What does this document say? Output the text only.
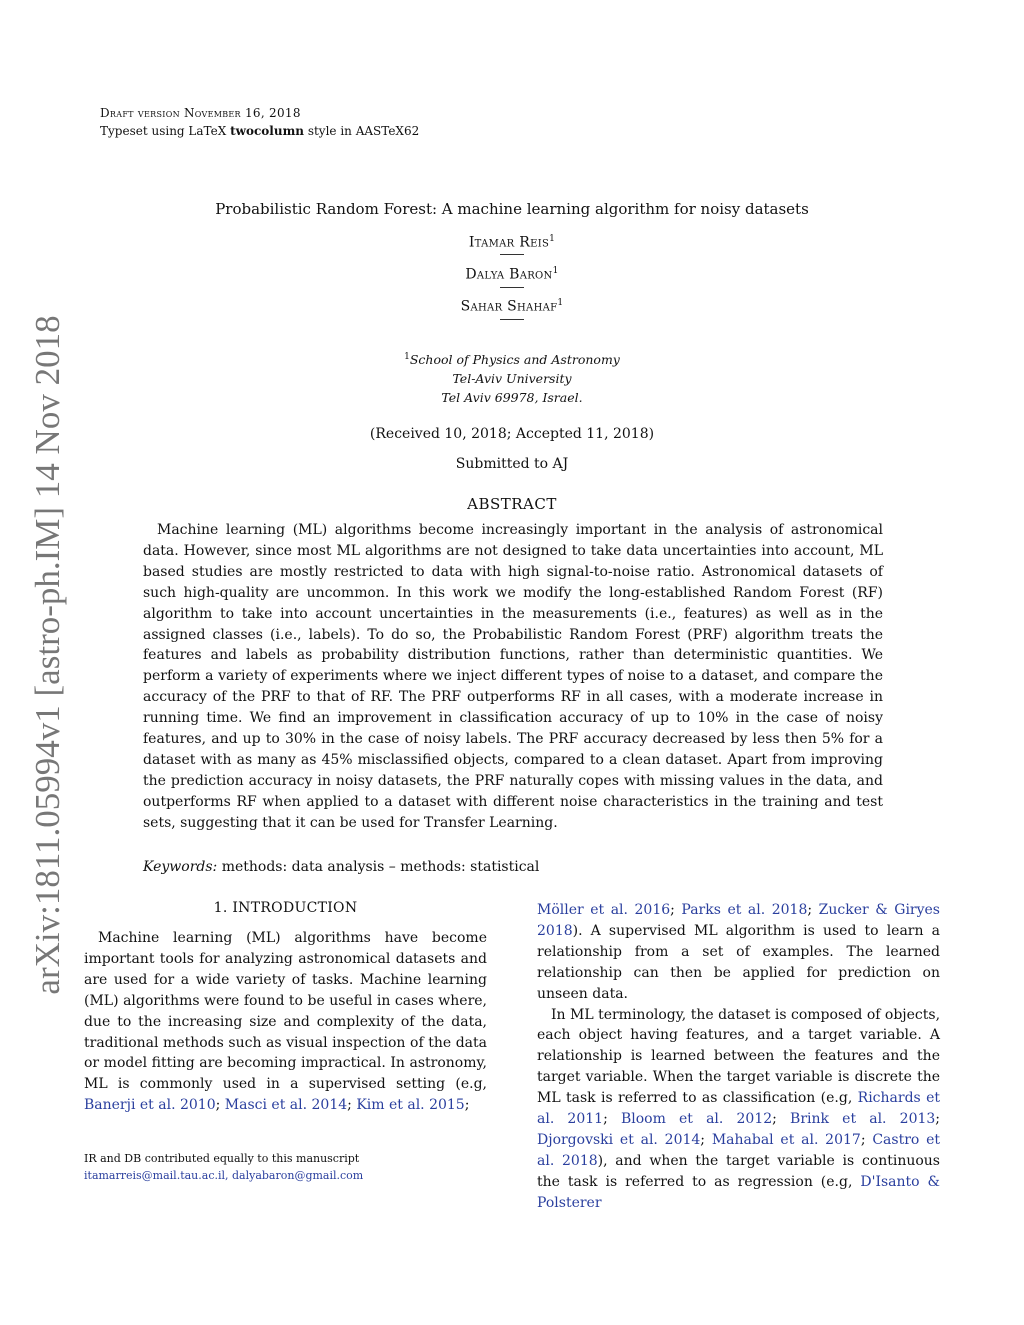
Draft version November 16, 2018
Typeset using LaTeX twocolumn style in AASTeX62
arXiv:1811.05994v1 [astro-ph.IM] 14 Nov 2018
Probabilistic Random Forest: A machine learning algorithm for noisy datasets
Itamar Reis$^1$
Dalya Baron$^1$
Sahar Shahaf$^1$
$^1$School of Physics and Astronomy
Tel-Aviv University
Tel Aviv 69978, Israel.
(Received 10, 2018; Accepted 11, 2018)
Submitted to AJ
ABSTRACT
Machine learning (ML) algorithms become increasingly important in the analysis of astronomical data. However, since most ML algorithms are not designed to take data uncertainties into account, ML based studies are mostly restricted to data with high signal-to-noise ratio. Astronomical datasets of such high-quality are uncommon. In this work we modify the long-established Random Forest (RF) algorithm to take into account uncertainties in the measurements (i.e., features) as well as in the assigned classes (i.e., labels). To do so, the Probabilistic Random Forest (PRF) algorithm treats the features and labels as probability distribution functions, rather than deterministic quantities. We perform a variety of experiments where we inject different types of noise to a dataset, and compare the accuracy of the PRF to that of RF. The PRF outperforms RF in all cases, with a moderate increase in running time. We find an improvement in classification accuracy of up to 10% in the case of noisy features, and up to 30% in the case of noisy labels. The PRF accuracy decreased by less then 5% for a dataset with as many as 45% misclassified objects, compared to a clean dataset. Apart from improving the prediction accuracy in noisy datasets, the PRF naturally copes with missing values in the data, and outperforms RF when applied to a dataset with different noise characteristics in the training and test sets, suggesting that it can be used for Transfer Learning.
Keywords: methods: data analysis – methods: statistical
1. INTRODUCTION

Machine learning (ML) algorithms have become important tools for analyzing astronomical datasets and are used for a wide variety of tasks. Machine learning (ML) algorithms were found to be useful in cases where, due to the increasing size and complexity of the data, traditional methods such as visual inspection of the data or model fitting are becoming impractical. In astronomy, ML is commonly used in a supervised setting (e.g, Banerji et al. 2010; Masci et al. 2014; Kim et al. 2015;

Möller et al. 2016; Parks et al. 2018; Zucker & Giryes 2018). A supervised ML algorithm is used to learn a relationship from a set of examples. The learned relationship can then be applied for prediction on unseen data.

In ML terminology, the dataset is composed of objects, each object having features, and a target variable. A relationship is learned between the features and the target variable. When the target variable is discrete the ML task is referred to as classification (e.g, Richards et al. 2011; Bloom et al. 2012; Brink et al. 2013; Djorgovski et al. 2014; Mahabal et al. 2017; Castro et al. 2018), and when the target variable is continuous the task is referred to as regression (e.g, D'Isanto & Polsterer

IR and DB contributed equally to this manuscript
itamarreis@mail.tau.ac.il, dalyabaron@gmail.com
